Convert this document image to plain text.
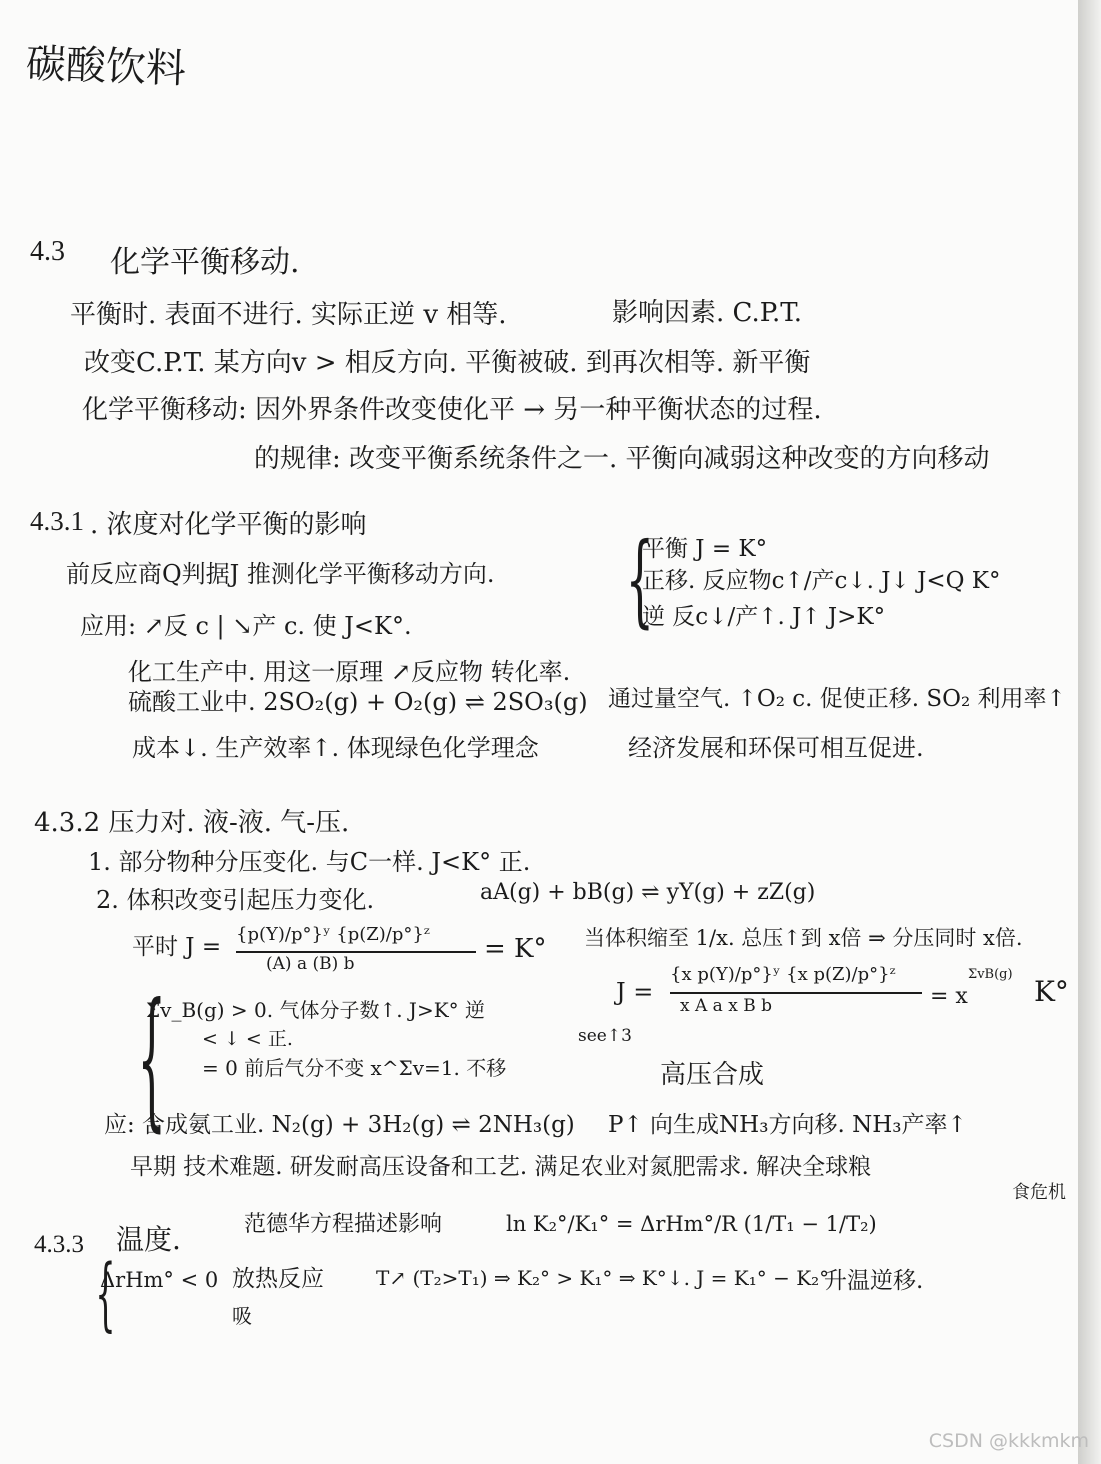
碳酸饮料
4.3 化学平衡移动.
平衡时. 表面不进行. 实际正逆 v 相等.	影响因素. C.P.T.
改变C.P.T. 某方向v > 相反方向. 平衡被破. 到再次相等. 新平衡
化学平衡移动: 因外界条件改变使化平 → 另一种平衡状态的过程.
的规律: 改变平衡系统条件之一. 平衡向减弱这种改变的方向移动
4.3.1 . 浓度对化学平衡的影响
前反应商Q判据J 推测化学平衡移动方向.
应用: ↗反 c | ↘产 c. 使 J<K°.
化工生产中. 用这一原理 ↗反应物 转化率.
硫酸工业中. 2SO₂(g) + O₂(g) ⇌ 2SO₃(g) 通过量空气. ↑O₂ c. 促使正移. SO₂ 利用率↑
成本↓. 生产效率↑. 体现绿色化学理念	经济发展和环保可相互促进.
{
平衡 J = K°
正移. 反应物c↑/产c↓. J↓ J<Q K°
逆 反c↓/产↑. J↑ J>K°
4.3.2 压力对. 液-液. 气-压.
1. 部分物种分压变化. 与C一样. J<K° 正.
2. 体积改变引起压力变化.	aA(g) + bB(g) ⇌ yY(g) + zZ(g)
平时 J = {p(Y)/p°}ʸ {p(Z)/p°}ᶻ
(A) a (B) b	= K° 当体积缩至 1/x. 总压↑到 x倍 ⇒ 分压同时 x倍.
J =
{x p(Y)/p°}ʸ {x p(Z)/p°}ᶻ
x A a x B b	= x
ΣvB(g)
K°
{
Σv_B(g) > 0. 气体分子数↑. J>K° 逆
< ↓ < 正.	see↑3
= 0 前后气分不变 x^Σv=1. 不移	高压合成
应: 合成氨工业. N₂(g) + 3H₂(g) ⇌ 2NH₃(g) P↑ 向生成NH₃方向移. NH₃产率↑
早期 技术难题. 研发耐高压设备和工艺. 满足农业对氮肥需求. 解决全球粮
食危机
4.3.3 温度.	范德华方程描述影响	ln K₂°/K₁° = ΔrHm°/R (1/T₁ − 1/T₂)
{
ΔrHm° < 0 放热反应	T↗ (T₂>T₁) ⇒ K₂° > K₁° ⇒ K°↓. J = K₁° − K₂°
升温逆移.
吸
CSDN @kkkmkm
